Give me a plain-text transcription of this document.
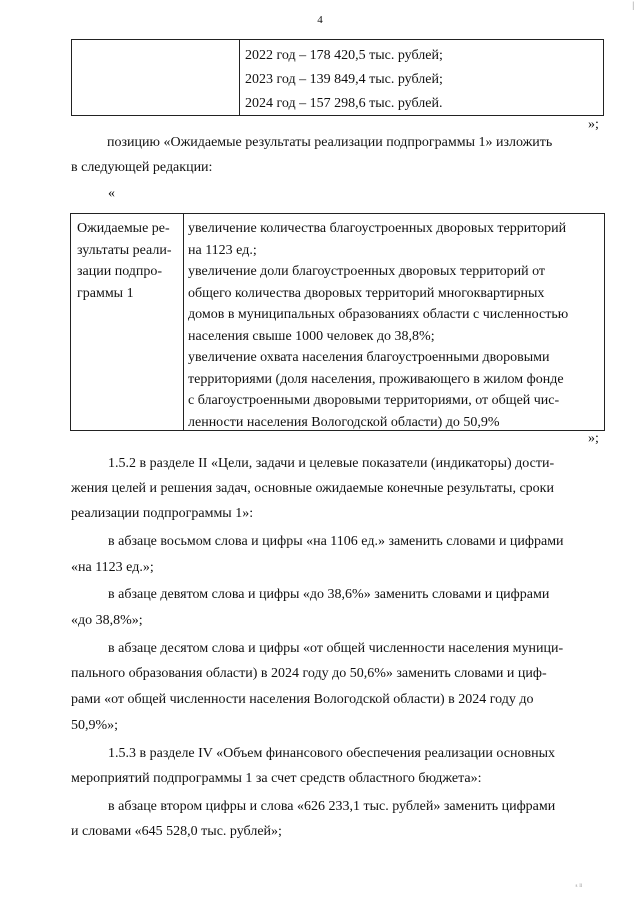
4
|
2022 год – 178 420,5 тыс. рублей;
2023 год – 139 849,4 тыс. рублей;
2024 год – 157 298,6 тыс. рублей.
»;
позицию «Ожидаемые результаты реализации подпрограммы 1» изложить
в следующей редакции:
«
Ожидаемые ре-
зультаты реали-
зации подпро-
граммы 1
увеличение количества благоустроенных дворовых территорий
на 1123 ед.;
увеличение доли благоустроенных дворовых территорий от
общего количества дворовых территорий многоквартирных
домов в муниципальных образованиях области с численностью
населения свыше 1000 человек до 38,8%;
увеличение охвата населения благоустроенными дворовыми
территориями (доля населения, проживающего в жилом фонде
с благоустроенными дворовыми территориями, от общей чис-
ленности населения Вологодской области) до 50,9%
»;
1.5.2 в разделе II «Цели, задачи и целевые показатели (индикаторы) дости-
жения целей и решения задач, основные ожидаемые конечные результаты, сроки
реализации подпрограммы 1»:
в абзаце восьмом слова и цифры «на 1106 ед.» заменить словами и цифрами
«на 1123 ед.»;
в абзаце девятом слова и цифры «до 38,6%» заменить словами и цифрами
«до 38,8%»;
в абзаце десятом слова и цифры «от общей численности населения муници-
пального образования области) в 2024 году до 50,6%» заменить словами и циф-
рами «от общей численности населения Вологодской области) в 2024 году до
50,9%»;
1.5.3 в разделе IV «Объем финансового обеспечения реализации основных
мероприятий подпрограммы 1 за счет средств областного бюджета»:
в абзаце втором цифры и слова «626 233,1 тыс. рублей» заменить цифрами
и словами «645 528,0 тыс. рублей»;
ˢ ˡˡ
